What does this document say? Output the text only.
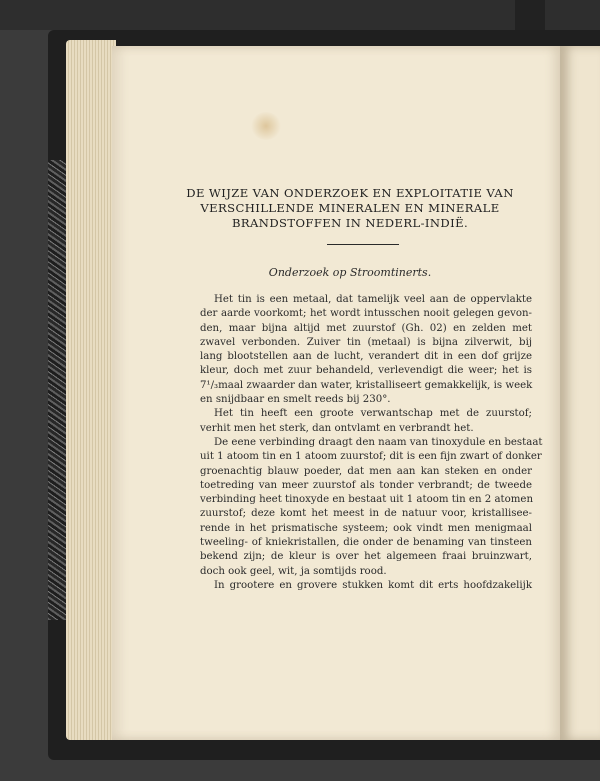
DE WIJZE VAN ONDERZOEK EN EXPLOITATIE VAN
VERSCHILLENDE MINERALEN EN MINERALE
BRANDSTOFFEN IN NEDERL-INDIË.

Onderzoek op Stroomtinerts.

Het tin is een metaal, dat tamelijk veel aan de oppervlakte
der aarde voorkomt; het wordt intusschen nooit gelegen gevon-
den, maar bijna altijd met zuurstof (Gh. 02) en zelden met
zwavel verbonden. Zuiver tin (metaal) is bijna zilverwit, bij
lang blootstellen aan de lucht, verandert dit in een dof grijze
kleur, doch met zuur behandeld, verlevendigt die weer; het is
7¹/₃maal zwaarder dan water, kristalliseert gemakkelijk, is week
en snijdbaar en smelt reeds bij 230°.
Het tin heeft een groote verwantschap met de zuurstof;
verhit men het sterk, dan ontvlamt en verbrandt het.
De eene verbinding draagt den naam van tinoxydule en bestaat
uit 1 atoom tin en 1 atoom zuurstof; dit is een fijn zwart of donker
groenachtig blauw poeder, dat men aan kan steken en onder
toetreding van meer zuurstof als tonder verbrandt; de tweede
verbinding heet tinoxyde en bestaat uit 1 atoom tin en 2 atomen
zuurstof; deze komt het meest in de natuur voor, kristallisee-
rende in het prismatische systeem; ook vindt men menigmaal
tweeling- of kniekristallen, die onder de benaming van tinsteen
bekend zijn; de kleur is over het algemeen fraai bruinzwart,
doch ook geel, wit, ja somtijds rood.
In grootere en grovere stukken komt dit erts hoofdzakelijk
